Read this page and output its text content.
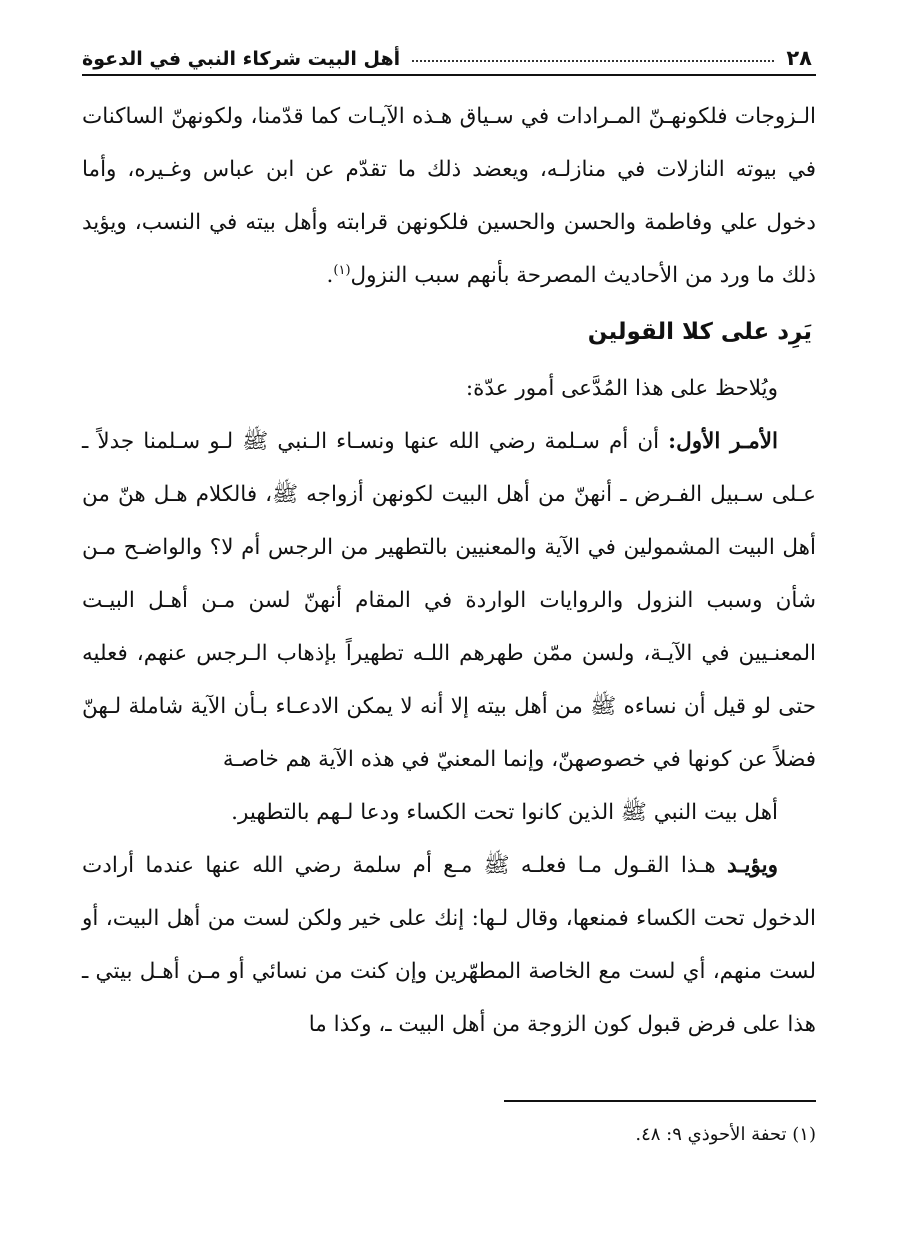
٢٨
أهل البيت شركاء النبي في الدعوة

الـزوجات فلكونهـنّ المـرادات في سـياق هـذه الآيـات كما قدّمنا، ولكونهنّ الساكنات في بيوته النازلات في منازلـه، ويعضد ذلك ما تقدّم عن ابن عباس وغـيره، وأما دخول علي وفاطمة والحسن والحسين فلكونهن قرابته وأهل بيته في النسب، ويؤيد ذلك ما ورد من الأحاديث المصرحة بأنهم سبب النزول$^{(١)}$.

يَرِد على كلا القولين

ويُلاحظ على هذا المُدَّعى أمور عدّة:

الأمـر الأول: أن أم سـلمة رضي الله عنها ونسـاء الـنبي ﷺ لـو سـلمنا جدلاً ـ عـلى سـبيل الفـرض ـ أنهنّ من أهل البيت لكونهن أزواجه ﷺ، فالكلام هـل هنّ من أهل البيت المشمولين في الآية والمعنيين بالتطهير من الرجس أم لا؟ والواضـح مـن شأن وسبب النزول والروايات الواردة في المقام أنهنّ لسن مـن أهـل البيـت المعنـيين في الآيـة، ولسن ممّن طهرهم اللـه تطهيراً بإذهاب الـرجس عنهم، فعليه حتى لو قيل أن نساءه ﷺ من أهل بيته إلا أنه لا يمكن الادعـاء بـأن الآية شاملة لـهنّ فضلاً عن كونها في خصوصهنّ، وإنما المعنيّ في هذه الآية هم خاصـة

أهل بيت النبي ﷺ الذين كانوا تحت الكساء ودعا لـهم بالتطهير.

ويؤيـد هـذا القـول مـا فعلـه ﷺ مـع أم سلمة رضي الله عنها عندما أرادت الدخول تحت الكساء فمنعها، وقال لـها: إنك على خير ولكن لست من أهل البيت، أو لست منهم، أي لست مع الخاصة المطهّرين وإن كنت من نسائي أو مـن أهـل بيتي ـ هذا على فرض قبول كون الزوجة من أهل البيت ـ، وكذا ما

(١) تحفة الأحوذي ٩: ٤٨.
